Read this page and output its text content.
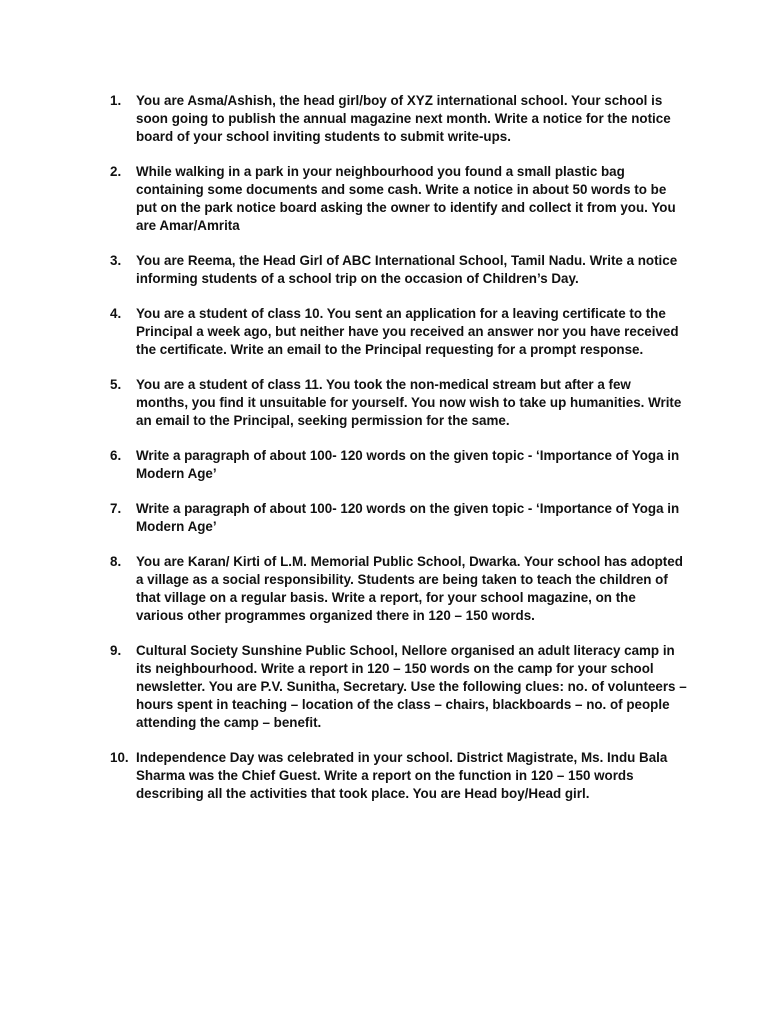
1.	You are Asma/Ashish, the head girl/boy of XYZ international school. Your school is
soon going to publish the annual magazine next month. Write a notice for the notice
board of your school inviting students to submit write-ups.
2.	While walking in a park in your neighbourhood you found a small plastic bag
containing some documents and some cash. Write a notice in about 50 words to be
put on the park notice board asking the owner to identify and collect it from you. You
are Amar/Amrita
3.	You are Reema, the Head Girl of ABC International School, Tamil Nadu. Write a notice
informing students of a school trip on the occasion of Children’s Day.
4.	You are a student of class 10. You sent an application for a leaving certificate to the
Principal a week ago, but neither have you received an answer nor you have received
the certificate. Write an email to the Principal requesting for a prompt response.
5.	You are a student of class 11. You took the non-medical stream but after a few
months, you find it unsuitable for yourself. You now wish to take up humanities. Write
an email to the Principal, seeking permission for the same.
6.	Write a paragraph of about 100- 120 words on the given topic - ‘Importance of Yoga in
Modern Age’
7.	Write a paragraph of about 100- 120 words on the given topic - ‘Importance of Yoga in
Modern Age’
8.	You are Karan/ Kirti of L.M. Memorial Public School, Dwarka. Your school has adopted
a village as a social responsibility. Students are being taken to teach the children of
that village on a regular basis. Write a report, for your school magazine, on the
various other programmes organized there in 120 – 150 words.
9.	Cultural Society Sunshine Public School, Nellore organised an adult literacy camp in
its neighbourhood. Write a report in 120 – 150 words on the camp for your school
newsletter. You are P.V. Sunitha, Secretary. Use the following clues: no. of volunteers –
hours spent in teaching – location of the class – chairs, blackboards – no. of people
attending the camp – benefit.
10. Independence Day was celebrated in your school. District Magistrate, Ms. Indu Bala
Sharma was the Chief Guest. Write a report on the function in 120 – 150 words
describing all the activities that took place. You are Head boy/Head girl.
